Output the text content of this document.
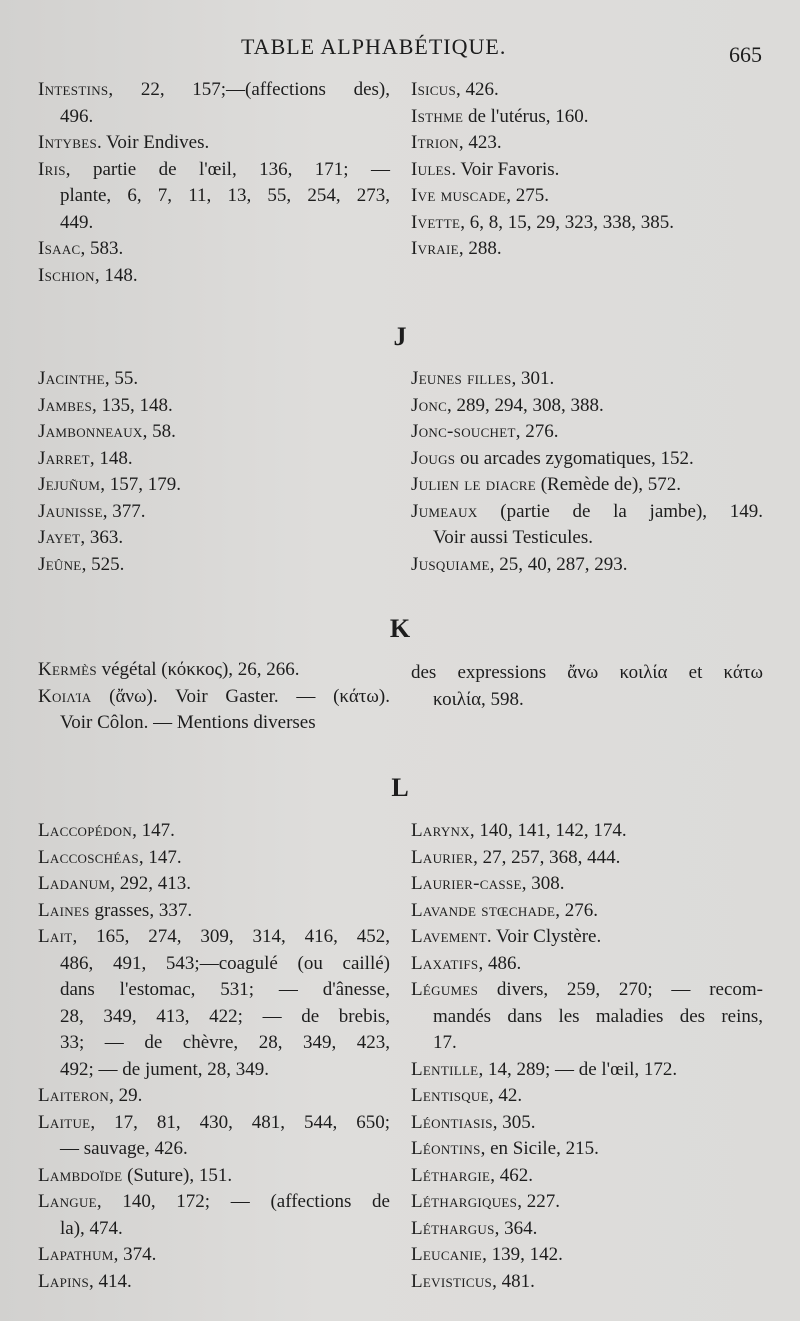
TABLE ALPHABÉTIQUE.	665
Intestins, 22, 157;—(affections des),
496.
Intybes. Voir Endives.
Iris, partie de l'œil, 136, 171; —
plante, 6, 7, 11, 13, 55, 254, 273,
449.
Isaac, 583.
Ischion, 148.
Isicus, 426.
Isthme de l'utérus, 160.
Itrion, 423.
Iules. Voir Favoris.
Ive muscade, 275.
Ivette, 6, 8, 15, 29, 323, 338, 385.
Ivraie, 288.
J
Jacinthe, 55.
Jambes, 135, 148.
Jambonneaux, 58.
Jarret, 148.
Jejuñum, 157, 179.
Jaunisse, 377.
Jayet, 363.
Jeûne, 525.
Jeunes filles, 301.
Jonc, 289, 294, 308, 388.
Jonc-souchet, 276.
Jougs ou arcades zygomatiques, 152.
Julien le diacre (Remède de), 572.
Jumeaux (partie de la jambe), 149.
Voir aussi Testicules.
Jusquiame, 25, 40, 287, 293.
K
Kermès végétal (κόκκος), 26, 266.
Κοιλία (ἄνω). Voir Gaster. — (κάτω).
Voir Côlon. — Mentions diverses
des expressions ἄνω κοιλία et κάτω
κοιλία, 598.
L
Laccopédon, 147.
Laccoschéas, 147.
Ladanum, 292, 413.
Laines grasses, 337.
Lait, 165, 274, 309, 314, 416, 452,
486, 491, 543;—coagulé (ou caillé)
dans l'estomac, 531; — d'ânesse,
28, 349, 413, 422; — de brebis,
33; — de chèvre, 28, 349, 423,
492; — de jument, 28, 349.
Laiteron, 29.
Laitue, 17, 81, 430, 481, 544, 650;
— sauvage, 426.
Lambdoïde (Suture), 151.
Langue, 140, 172; — (affections de
la), 474.
Lapathum, 374.
Lapins, 414.
Larynx, 140, 141, 142, 174.
Laurier, 27, 257, 368, 444.
Laurier-casse, 308.
Lavande stœchade, 276.
Lavement. Voir Clystère.
Laxatifs, 486.
Légumes divers, 259, 270; — recom-
mandés dans les maladies des reins,
17.
Lentille, 14, 289; — de l'œil, 172.
Lentisque, 42.
Léontiasis, 305.
Léontins, en Sicile, 215.
Léthargie, 462.
Léthargiques, 227.
Léthargus, 364.
Leucanie, 139, 142.
Levisticus, 481.
